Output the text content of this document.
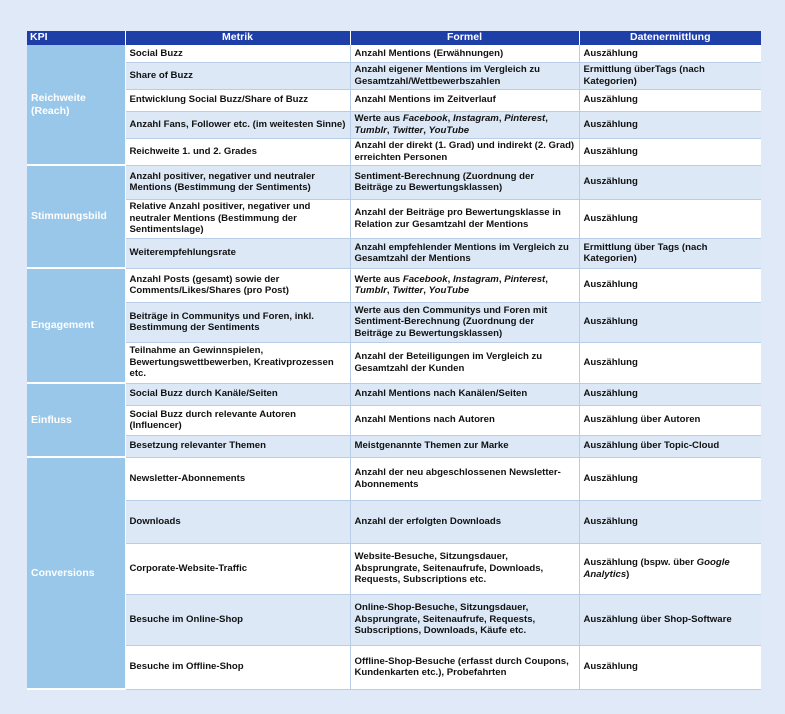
KPI	Metrik	Formel	Datenermittlung
Reichweite (Reach)	Social Buzz	Anzahl Mentions (Erwähnungen)	Auszählung
	Share of Buzz	Anzahl eigener Mentions im Vergleich zu Gesamtzahl/Wettbewerbszahlen	Ermittlung überTags (nach Kategorien)
	Entwicklung Social Buzz/Share of Buzz	Anzahl Mentions im Zeitverlauf	Auszählung
	Anzahl Fans, Follower etc. (im weitesten Sinne)	Werte aus Facebook, Instagram, Pinterest, Tumblr, Twitter, YouTube	Auszählung
	Reichweite 1. und 2. Grades	Anzahl der direkt (1. Grad) und indirekt (2. Grad) erreichten Personen	Auszählung
Stimmungsbild	Anzahl positiver, negativer und neutraler Mentions (Bestimmung der Sentiments)	Sentiment-Berechnung (Zuordnung der Beiträge zu Bewertungsklassen)	Auszählung
	Relative Anzahl positiver, negativer und neutraler Mentions (Bestimmung der Sentimentslage)	Anzahl der Beiträge pro Bewertungsklasse in Relation zur Gesamtzahl der Mentions	Auszählung
	Weiterempfehlungsrate	Anzahl empfehlender Mentions im Vergleich zu Gesamtzahl der Mentions	Ermittlung über Tags (nach Kategorien)
Engagement	Anzahl Posts (gesamt) sowie der Comments/Likes/Shares (pro Post)	Werte aus Facebook, Instagram, Pinterest, Tumblr, Twitter, YouTube	Auszählung
	Beiträge in Communitys und Foren, inkl. Bestimmung der Sentiments	Werte aus den Communitys und Foren mit Sentiment-Berechnung (Zuordnung der Beiträge zu Bewertungsklassen)	Auszählung
	Teilnahme an Gewinnspielen, Bewertungswettbewerben, Kreativprozessen etc.	Anzahl der Beteiligungen im Vergleich zu Gesamtzahl der Kunden	Auszählung
Einfluss	Social Buzz durch Kanäle/Seiten	Anzahl Mentions nach Kanälen/Seiten	Auszählung
	Social Buzz durch relevante Autoren (Influencer)	Anzahl Mentions nach Autoren	Auszählung über Autoren
	Besetzung relevanter Themen	Meistgenannte Themen zur Marke	Auszählung über Topic-Cloud
Conversions	Newsletter-Abonnements	Anzahl der neu abgeschlossenen Newsletter-Abonnements	Auszählung
	Downloads	Anzahl der erfolgten Downloads	Auszählung
	Corporate-Website-Traffic	Website-Besuche, Sitzungsdauer, Absprungrate, Seitenaufrufe, Downloads, Requests, Subscriptions etc.	Auszählung (bspw. über Google Analytics)
	Besuche im Online-Shop	Online-Shop-Besuche, Sitzungsdauer, Absprungrate, Seitenaufrufe, Requests, Subscriptions, Downloads, Käufe etc.	Auszählung über Shop-Software
	Besuche im Offline-Shop	Offline-Shop-Besuche (erfasst durch Coupons, Kundenkarten etc.), Probefahrten	Auszählung
